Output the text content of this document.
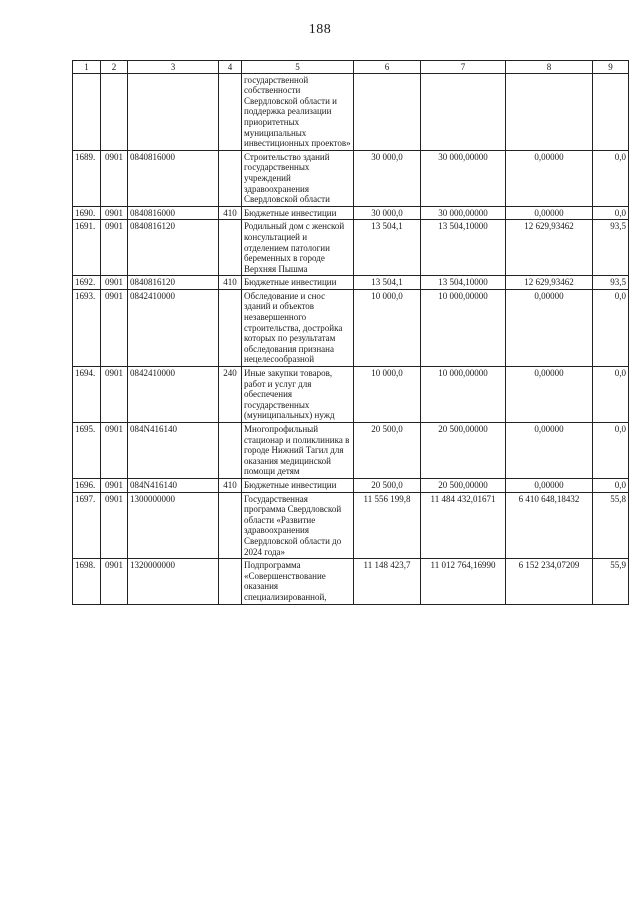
188
1	2	3	4	5	6	7	8	9
				государственной собственности Свердловской области и поддержка реализации приоритетных муниципальных инвестиционных проектов»				
1689.	0901	0840816000		Строительство зданий государственных учреждений здравоохранения Свердловской области	30 000,0	30 000,00000	0,00000	0,0
1690.	0901	0840816000	410	Бюджетные инвестиции	30 000,0	30 000,00000	0,00000	0,0
1691.	0901	0840816120		Родильный дом с женской консультацией и отделением патологии беременных в городе Верхняя Пышма	13 504,1	13 504,10000	12 629,93462	93,5
1692.	0901	0840816120	410	Бюджетные инвестиции	13 504,1	13 504,10000	12 629,93462	93,5
1693.	0901	0842410000		Обследование и снос зданий и объектов незавершенного строительства, достройка которых по результатам обследования признана нецелесообразной	10 000,0	10 000,00000	0,00000	0,0
1694.	0901	0842410000	240	Иные закупки товаров, работ и услуг для обеспечения государственных (муниципальных) нужд	10 000,0	10 000,00000	0,00000	0,0
1695.	0901	084N416140		Многопрофильный стационар и поликлиника в городе Нижний Тагил для оказания медицинской помощи детям	20 500,0	20 500,00000	0,00000	0,0
1696.	0901	084N416140	410	Бюджетные инвестиции	20 500,0	20 500,00000	0,00000	0,0
1697.	0901	1300000000		Государственная программа Свердловской области «Развитие здравоохранения Свердловской области до 2024 года»	11 556 199,8	11 484 432,01671	6 410 648,18432	55,8
1698.	0901	1320000000		Подпрограмма «Совершенствование оказания специализированной,	11 148 423,7	11 012 764,16990	6 152 234,07209	55,9
